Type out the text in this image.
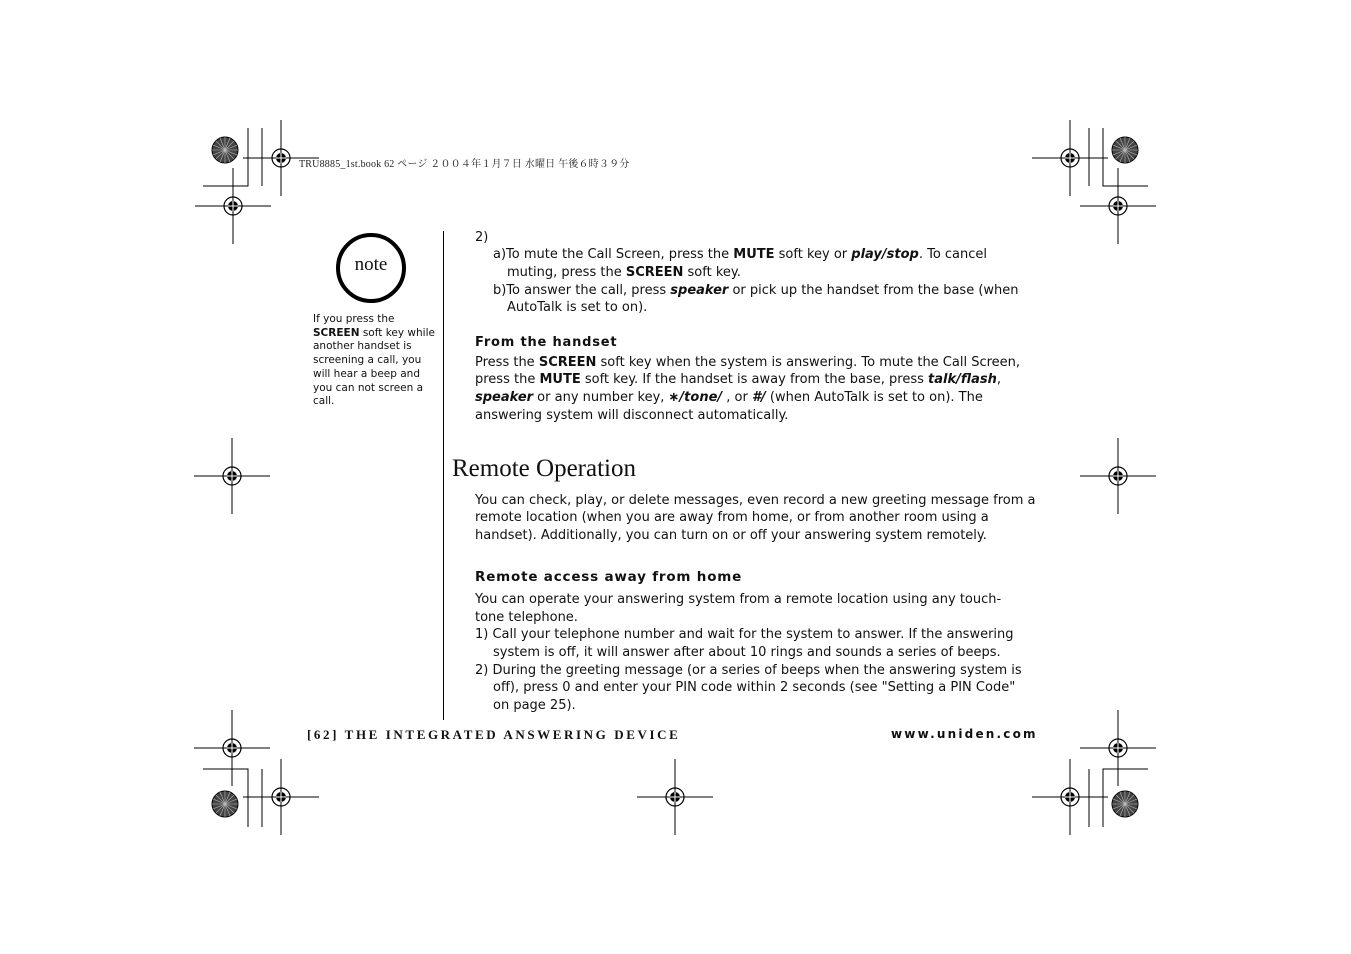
TRU8885_1st.book 62 ページ ２００４年１月７日 水曜日 午後６時３９分
note
If you press the
SCREEN soft key while
another handset is
screening a call, you
will hear a beep and
you can not screen a
call.
2)
a)To mute the Call Screen, press the MUTE soft key or play/stop. To cancel
muting, press the SCREEN soft key.
b)To answer the call, press speaker or pick up the handset from the base (when
AutoTalk is set to on).
From the handset
Press the SCREEN soft key when the system is answering. To mute the Call Screen,
press the MUTE soft key. If the handset is away from the base, press talk/flash,
speaker or any number key, ∗/tone/ , or #/ (when AutoTalk is set to on). The
answering system will disconnect automatically.
Remote Operation
You can check, play, or delete messages, even record a new greeting message from a
remote location (when you are away from home, or from another room using a
handset). Additionally, you can turn on or off your answering system remotely.
Remote access away from home
You can operate your answering system from a remote location using any touch-
tone telephone.
1) Call your telephone number and wait for the system to answer. If the answering
system is off, it will answer after about 10 rings and sounds a series of beeps.
2) During the greeting message (or a series of beeps when the answering system is
off), press 0 and enter your PIN code within 2 seconds (see "Setting a PIN Code"
on page 25).
[62] THE INTEGRATED ANSWERING DEVICE	www.uniden.com
